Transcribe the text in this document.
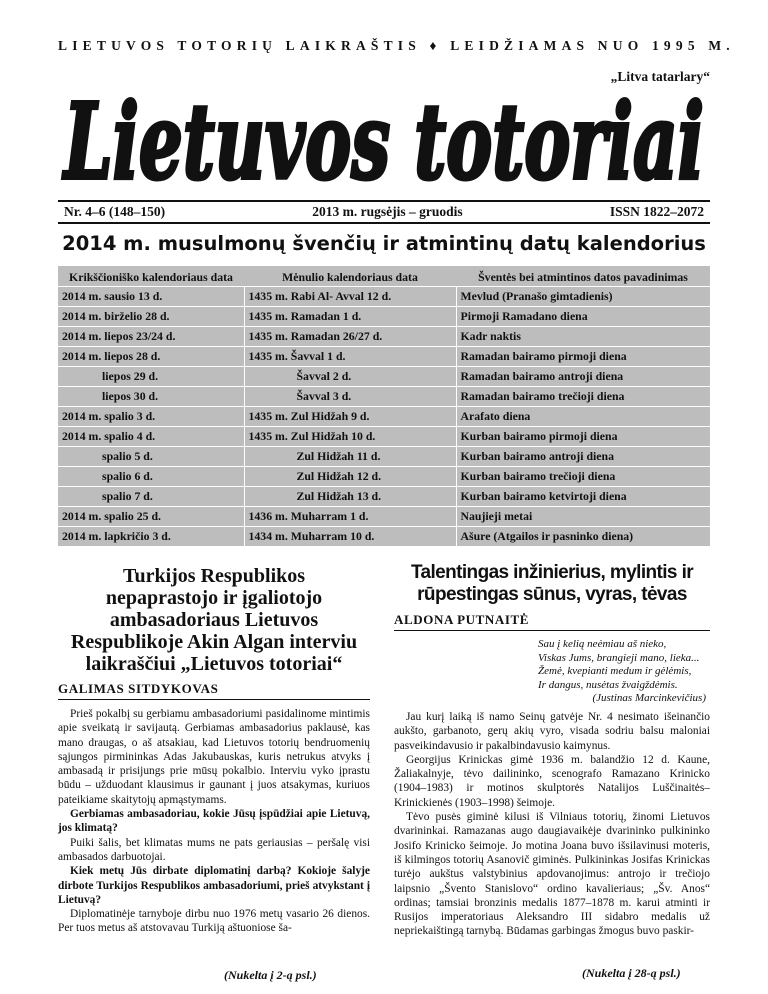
LIETUVOS TOTORIŲ LAIKRAŠTIS ♦ LEIDŽIAMAS NUO 1995 M.
„Litva tatarlary“
Lietuvos totoriai
Nr. 4–6 (148–150)	2013 m. rugsėjis – gruodis	ISSN 1822–2072
2014 m. musulmonų švenčių ir atmintinų datų kalendorius
Krikščioniško kalendoriaus data	Mėnulio kalendoriaus data	Šventės bei atmintinos datos pavadinimas
2014 m. sausio 13 d.	1435 m. Rabi Al- Avval 12 d.	Mevlud (Pranašo gimtadienis)
2014 m. birželio 28 d.	1435 m. Ramadan 1 d.	Pirmoji Ramadano diena
2014 m. liepos 23/24 d.	1435 m. Ramadan 26/27 d.	Kadr naktis
2014 m. liepos 28 d.	1435 m. Šavval 1 d.	Ramadan bairamo pirmoji diena
liepos 29 d.	Šavval 2 d.	Ramadan bairamo antroji diena
liepos 30 d.	Šavval 3 d.	Ramadan bairamo trečioji diena
2014 m. spalio 3 d.	1435 m. Zul Hidžah 9 d.	Arafato diena
2014 m. spalio 4 d.	1435 m. Zul Hidžah 10 d.	Kurban bairamo pirmoji diena
spalio 5 d.	Zul Hidžah 11 d.	Kurban bairamo antroji diena
spalio 6 d.	Zul Hidžah 12 d.	Kurban bairamo trečioji diena
spalio 7 d.	Zul Hidžah 13 d.	Kurban bairamo ketvirtoji diena
2014 m. spalio 25 d.	1436 m. Muharram 1 d.	Naujieji metai
2014 m. lapkričio 3 d.	1434 m. Muharram 10 d.	Ašure (Atgailos ir pasninko diena)
Turkijos Respublikos
nepaprastojo ir įgaliotojo
ambasadoriaus Lietuvos
Respublikoje Akin Algan interviu
laikraščiui „Lietuvos totoriai“
GALIMAS SITDYKOVAS

Prieš pokalbį su gerbiamu ambasadoriumi pasidalinome mintimis apie sveikatą ir savijautą. Gerbiamas ambasadorius paklausė, kas mano draugas, o aš atsakiau, kad Lietuvos totorių bendruomenių sąjungos pirmininkas Adas Jakubauskas, kuris netrukus atvyks į ambasadą ir prisijungs prie mūsų pokalbio. Interviu vyko įprastu būdu – užduodant klausimus ir gaunant į juos atsakymas, kuriuos pateikiame skaitytojų apmąstymams.

Gerbiamas ambasadoriau, kokie Jūsų įspūdžiai apie Lietuvą, jos klimatą?

Puiki šalis, bet klimatas mums ne pats geriausias – peršalę visi ambasados darbuotojai.

Kiek metų Jūs dirbate diplomatinį darbą? Kokioje šalyje dirbote Turkijos Respublikos ambasadoriumi, prieš atvykstant į Lietuvą?

Diplomatinėje tarnyboje dirbu nuo 1976 metų vasario 26 dienos. Per tuos metus aš atstovavau Turkiją aštuoniose ša-

(Nukelta į 2-ą psl.)
Talentingas inžinierius, mylintis ir
rūpestingas sūnus, vyras, tėvas
ALDONA PUTNAITĖ
Sau į kelią neėmiau aš nieko,
Viskas Jums, brangieji mano, lieka...
Žemė, kvepianti medum ir gėlėmis,
Ir dangus, nusėtas žvaigždėmis.
(Justinas Marcinkevičius)

Jau kurį laiką iš namo Seinų gatvėje Nr. 4 nesimato išeinančio aukšto, garbanoto, gerų akių vyro, visada sodriu balsu maloniai pasveikindavusio ir pakalbindavusio kaimynus.

Georgijus Krinickas gimė 1936 m. balandžio 12 d. Kaune, Žaliakalnyje, tėvo dailininko, scenografo Ramazano Krinicko (1904–1983) ir motinos skulptorės Natalijos Luščinaitės–Krinickienės (1903–1998) šeimoje.

Tėvo pusės giminė kilusi iš Vilniaus totorių, žinomi Lietuvos dvarininkai. Ramazanas augo daugiavaikėje dvarininko pulkininko Josifo Krinicko šeimoje. Jo motina Joana buvo išsilavinusi moteris, iš kilmingos totorių Asanovič giminės. Pulkininkas Josifas Krinickas turėjo aukštus valstybinius apdovanojimus: antrojo ir trečiojo laipsnio „Švento Stanislovo“ ordino kavalieriaus; „Šv. Anos“ ordinas; tamsiai bronzinis medalis 1877–1878 m. karui atminti ir Rusijos imperatoriaus Aleksandro III sidabro medalis už nepriekaištingą tarnybą. Būdamas garbingas žmogus buvo paskir-

(Nukelta į 28-ą psl.)
